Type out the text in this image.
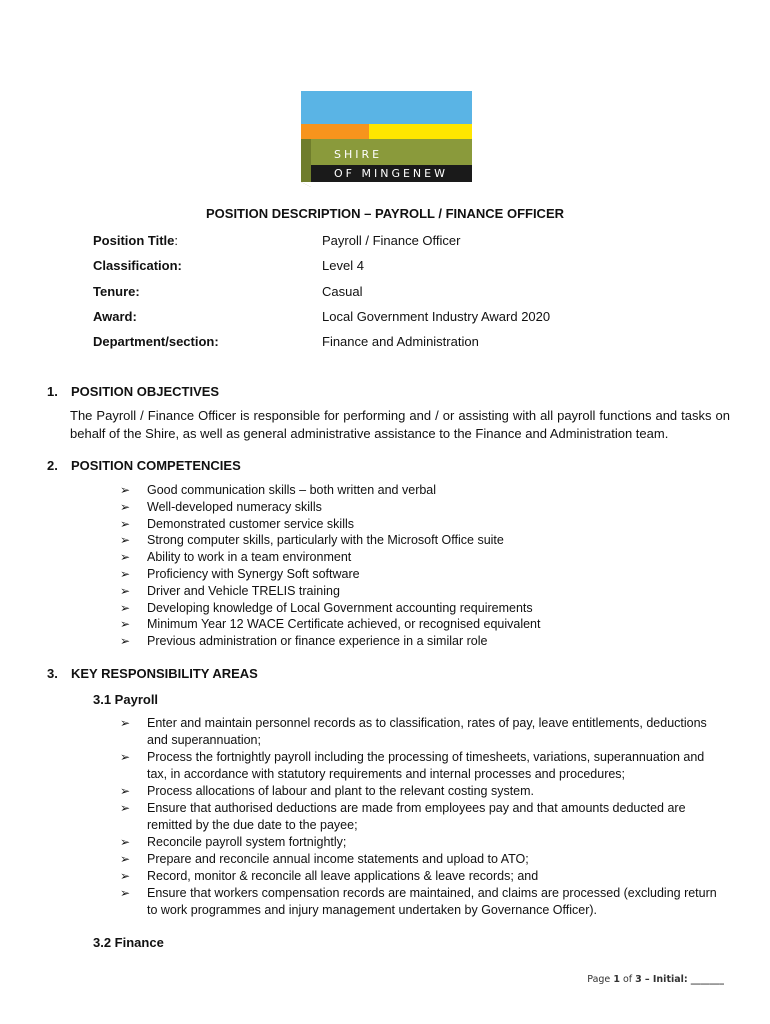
SHIRE
OF MINGENEW
POSITION DESCRIPTION – PAYROLL / FINANCE OFFICER
Position Title:	Payroll / Finance Officer
Classification:	Level 4
Tenure:	Casual
Award:	Local Government Industry Award 2020
Department/section:	Finance and Administration
1. POSITION OBJECTIVES
The Payroll / Finance Officer is responsible for performing and / or assisting with all payroll functions and tasks on behalf of the Shire, as well as general administrative assistance to the Finance and Administration team.
2. POSITION COMPETENCIES
➢ Good communication skills – both written and verbal
➢ Well-developed numeracy skills
➢ Demonstrated customer service skills
➢ Strong computer skills, particularly with the Microsoft Office suite
➢ Ability to work in a team environment
➢ Proficiency with Synergy Soft software
➢ Driver and Vehicle TRELIS training
➢ Developing knowledge of Local Government accounting requirements
➢ Minimum Year 12 WACE Certificate achieved, or recognised equivalent
➢ Previous administration or finance experience in a similar role
3. KEY RESPONSIBILITY AREAS
3.1 Payroll
➢ Enter and maintain personnel records as to classification, rates of pay, leave entitlements, deductions and superannuation;
➢ Process the fortnightly payroll including the processing of timesheets, variations, superannuation and tax, in accordance with statutory requirements and internal processes and procedures;
➢ Process allocations of labour and plant to the relevant costing system.
➢ Ensure that authorised deductions are made from employees pay and that amounts deducted are remitted by the due date to the payee;
➢ Reconcile payroll system fortnightly;
➢ Prepare and reconcile annual income statements and upload to ATO;
➢ Record, monitor & reconcile all leave applications & leave records; and
➢ Ensure that workers compensation records are maintained, and claims are processed (excluding return to work programmes and injury management undertaken by Governance Officer).
3.2 Finance
Page 1 of 3 – Initial: _______
